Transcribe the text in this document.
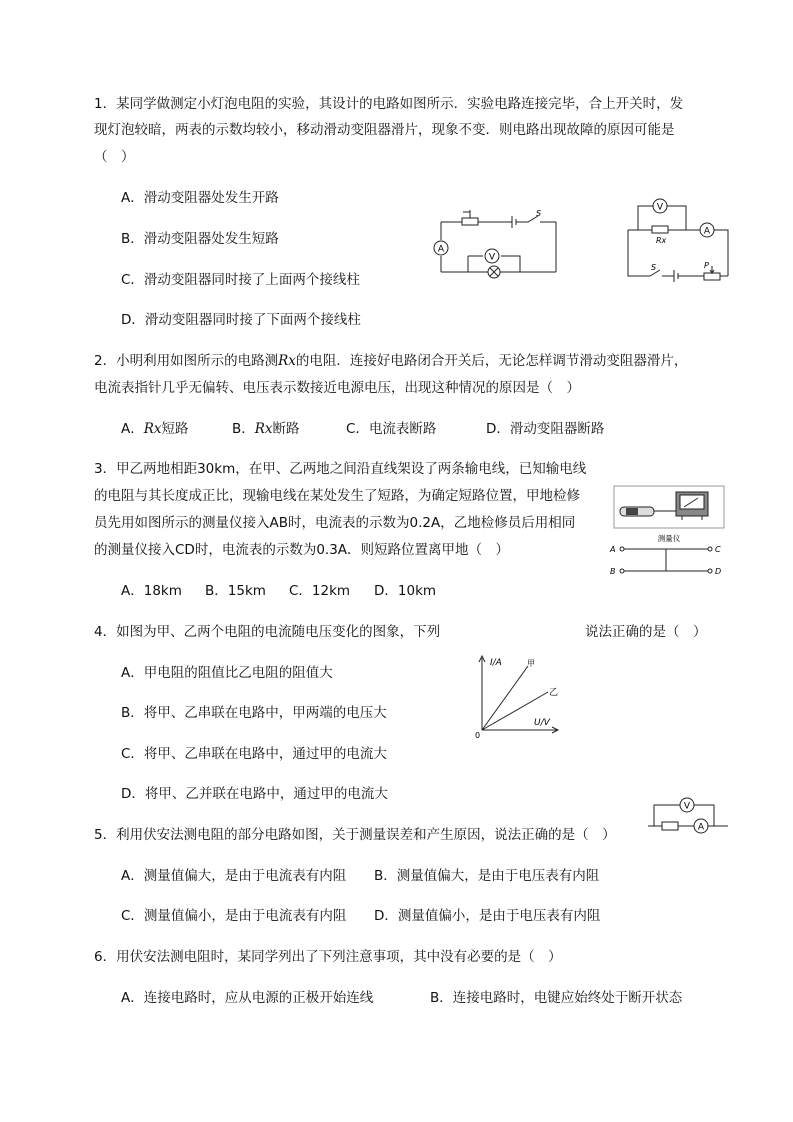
1．某同学做测定小灯泡电阻的实验，其设计的电路如图所示．实验电路连接完毕，合上开关时，发
现灯泡较暗，两表的示数均较小，移动滑动变阻器滑片，现象不变．则电路出现故障的原因可能是
（　）
A．滑动变阻器处发生开路
B．滑动变阻器处发生短路
C．滑动变阻器同时接了上面两个接线柱
D．滑动变阻器同时接了下面两个接线柱
A
V
S
V
A
Rx
S	P
2．小明利用如图所示的电路测Rx的电阻．连接好电路闭合开关后，无论怎样调节滑动变阻器滑片，
电流表指针几乎无偏转、电压表示数接近电源电压，出现这种情况的原因是（　）
A．Rx短路	B．Rx断路	C．电流表断路	D．滑动变阻器断路
3．甲乙两地相距30km，在甲、乙两地之间沿直线架设了两条输电线，已知输电线
的电阻与其长度成正比，现输电线在某处发生了短路，为确定短路位置，甲地检修
员先用如图所示的测量仪接入AB时，电流表的示数为0.2A，乙地检修员后用相同
的测量仪接入CD时，电流表的示数为0.3A．则短路位置离甲地（　）
A．18km B．15km C．12km D．10km
测量仪
A
B
C
D
4．如图为甲、乙两个电阻的电流随电压变化的图象，下列	说法正确的是（　）
A．甲电阻的阻值比乙电阻的阻值大
B．将甲、乙串联在电路中，甲两端的电压大
C．将甲、乙串联在电路中，通过甲的电流大
D．将甲、乙并联在电路中，通过甲的电流大
I/A
U/V
0
甲
乙
5．利用伏安法测电阻的部分电路如图，关于测量误差和产生原因，说法正确的是（　）
A．测量值偏大，是由于电流表有内阻 B．测量值偏大，是由于电压表有内阻
C．测量值偏小，是由于电流表有内阻 D．测量值偏小，是由于电压表有内阻
V
A
6．用伏安法测电阻时，某同学列出了下列注意事项，其中没有必要的是（　）
A．连接电路时，应从电源的正极开始连线	B．连接电路时，电键应始终处于断开状态
